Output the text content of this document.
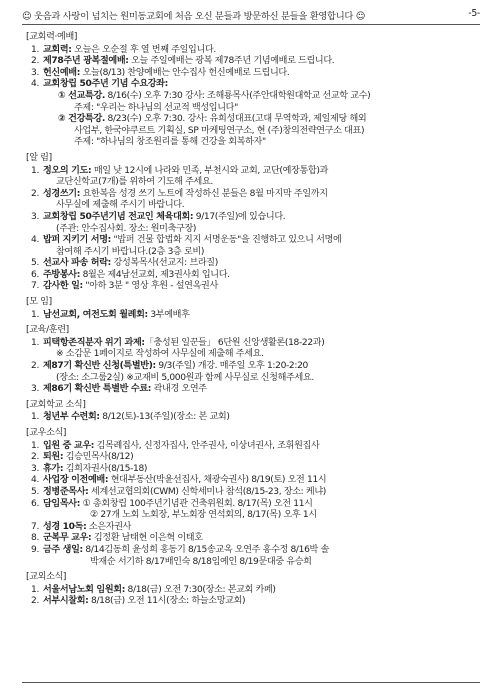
☺ 웃음과 사랑이 넘치는 원미동교회에 처음 오신 분들과 방문하신 분들을 환영합니다 ☺	-5-
[교회력·예배]
1. 교회력: 오늘은 오순절 후 열 번째 주일입니다.
2. 제78주년 광복절예배: 오늘 주일예배는 광복 제78주년 기념예배로 드립니다.
3. 헌신예배: 오늘(8/13) 찬양예배는 안수집사 헌신예배로 드립니다.
4. 교회창립 50주년 기념 수요강좌:
① 선교특강. 8/16(수) 오후 7:30 강사: 조해룡목사(주안대학원대학교 선교학 교수)
주제: "우리는 하나님의 선교적 백성입니다"
② 건강특강. 8/23(수) 오후 7:30. 강사: 유희성대표(고대 무역학과, 제일제당 해외
사업부, 한국야쿠르트 기획실, SP 마케팅연구소, 현 (주)창의전략연구소 대표)
주제: "하나님의 창조원리를 통해 건강을 회복하자"
[알 림]
1. 정오의 기도: 매일 낮 12시에 나라와 민족, 부천시와 교회, 교단(예장통합)과
교단신학교(7개)를 위하여 기도해 주세요.
2. 성경쓰기: 요한복음 성경 쓰기 노트에 작성하신 분들은 8월 마지막 주일까지
사무실에 제출해 주시기 바랍니다.
3. 교회창립 50주년기념 전교인 체육대회: 9/17(주일)에 있습니다.
(주관: 안수집사회. 장소: 원미축구장)
4. 밥퍼 지키기 서명: "밥퍼 건물 합법화 지지 서명운동"을 진행하고 있으니 서명에
참여해 주시기 바랍니다.(2층 3층 로비)
5. 선교사 파송 허락: 강성복목사(선교지: 브라질)
6. 주방봉사: 8월은 제4남선교회, 제3권사회 입니다.
7. 감사한 일: "아하 3분 " 영상 후원 - 설연옥권사
[모 임]
1. 남선교회, 여전도회 월례회: 3부예배후
[교육/훈련]
1. 피택항존직분자 위기 과제:「충성된 일꾼들」 6단원 신앙생활론(18-22과)
※ 소감문 1페이지로 작성하여 사무실에 제출해 주세요.
2. 제87기 확신반 신청(특별반): 9/3(주일) 개강. 매주일 오후 1:20-2:20
(장소: 소그룹2실) ※교재비 5,000원과 함께 사무실로 신청해주세요.
3. 제86기 확신반 특별반 수료: 곽내경 오연주
[교회학교 소식]
1. 청년부 수련회: 8/12(토)-13(주일)(장소: 본 교회)
[교우소식]
1. 입원 중 교우: 김목례집사, 신정자집사, 안주권사, 이상녀권사, 조휘원집사
2. 퇴원: 김승민목사(8/12)
3. 휴가: 김희자권사(8/15-18)
4. 사업장 이전예배: 현대부동산(박윤선집사, 채광숙권사) 8/19(토) 오전 11시
5. 정병준목사: 세계선교협의회(CWM) 신학세미나 참석(8/15-23, 장소: 케냐)
6. 담임목사: ① 총회창립 100주년기념관 건축위원회. 8/17(목) 오전 11시
② 27개 노회 노회장, 부노회장 연석회의, 8/17(목) 오후 1시
7. 성경 10독: 소은자권사
8. 군복무 교우: 김정환 남태현 이은혁 이태호
9. 금주 생일: 8/14김동희 윤성희 홍동기 8/15송교옥 오연주 홍수정 8/16박 솔
박재순 서기하 8/17배인숙 8/18임예인 8/19문대중 유승희
[교외소식]
1. 서울서남노회 임원회: 8/18(금) 오전 7:30(장소: 본교회 카페)
2. 서부시찰회: 8/18(금) 오전 11시(장소: 하늘소망교회)
